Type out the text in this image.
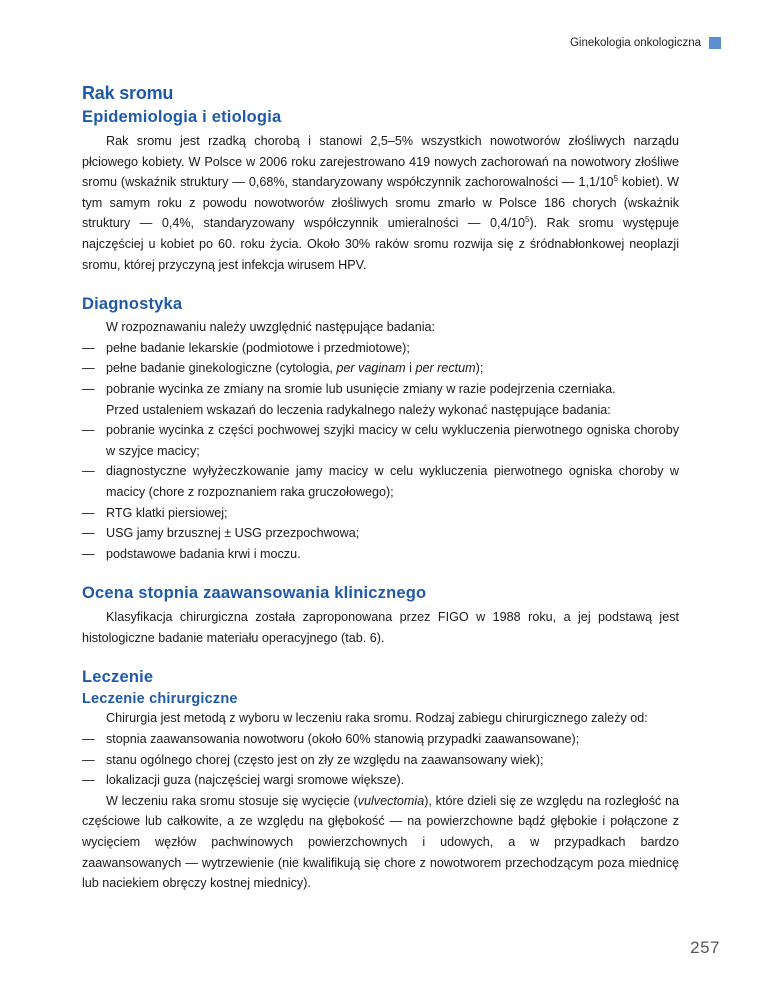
Ginekologia onkologiczna
Rak sromu
Epidemiologia i etiologia

Rak sromu jest rzadką chorobą i stanowi 2,5–5% wszystkich nowotworów złośliwych narządu płciowego kobiety. W Polsce w 2006 roku zarejestrowano 419 nowych zachorowań na nowotwory złośliwe sromu (wskaźnik struktury — 0,68%, standaryzowany współczynnik zachorowalności — $1,1/10^5$ kobiet). W tym samym roku z powodu nowotworów złośliwych sromu zmarło w Polsce 186 chorych (wskaźnik struktury — 0,4%, standaryzowany współczynnik umieralności — $0,4/10^5$). Rak sromu występuje najczęściej u kobiet po 60. roku życia. Około 30% raków sromu rozwija się z śródnabłonkowej neoplazji sromu, której przyczyną jest infekcja wirusem HPV.

Diagnostyka

W rozpoznawaniu należy uwzględnić następujące badania:

— pełne badanie lekarskie (podmiotowe i przedmiotowe);
— pełne badanie ginekologiczne (cytologia, per vaginam i per rectum);
— pobranie wycinka ze zmiany na sromie lub usunięcie zmiany w razie podejrzenia czerniaka.

Przed ustaleniem wskazań do leczenia radykalnego należy wykonać następujące badania:

— pobranie wycinka z części pochwowej szyjki macicy w celu wykluczenia pierwotnego ogniska choroby w szyjce macicy;
— diagnostyczne wyłyżeczkowanie jamy macicy w celu wykluczenia pierwotnego ogniska choroby w macicy (chore z rozpoznaniem raka gruczołowego);
— RTG klatki piersiowej;
— USG jamy brzusznej ± USG przezpochwowa;
— podstawowe badania krwi i moczu.
Ocena stopnia zaawansowania klinicznego

Klasyfikacja chirurgiczna została zaproponowana przez FIGO w 1988 roku, a jej podstawą jest histologiczne badanie materiału operacyjnego (tab. 6).

Leczenie
Leczenie chirurgiczne

Chirurgia jest metodą z wyboru w leczeniu raka sromu. Rodzaj zabiegu chirurgicznego zależy od:

— stopnia zaawansowania nowotworu (około 60% stanowią przypadki zaawansowane);
— stanu ogólnego chorej (często jest on zły ze względu na zaawansowany wiek);
— lokalizacji guza (najczęściej wargi sromowe większe).

W leczeniu raka sromu stosuje się wycięcie (vulvectomia), które dzieli się ze względu na rozległość na częściowe lub całkowite, a ze względu na głębokość — na powierzchowne bądź głębokie i połączone z wycięciem węzłów pachwinowych powierzchownych i udowych, a w przypadkach bardzo zaawansowanych — wytrzewienie (nie kwalifikują się chore z nowotworem przechodzącym poza miednicę lub naciekiem obręczy kostnej miednicy).

257
